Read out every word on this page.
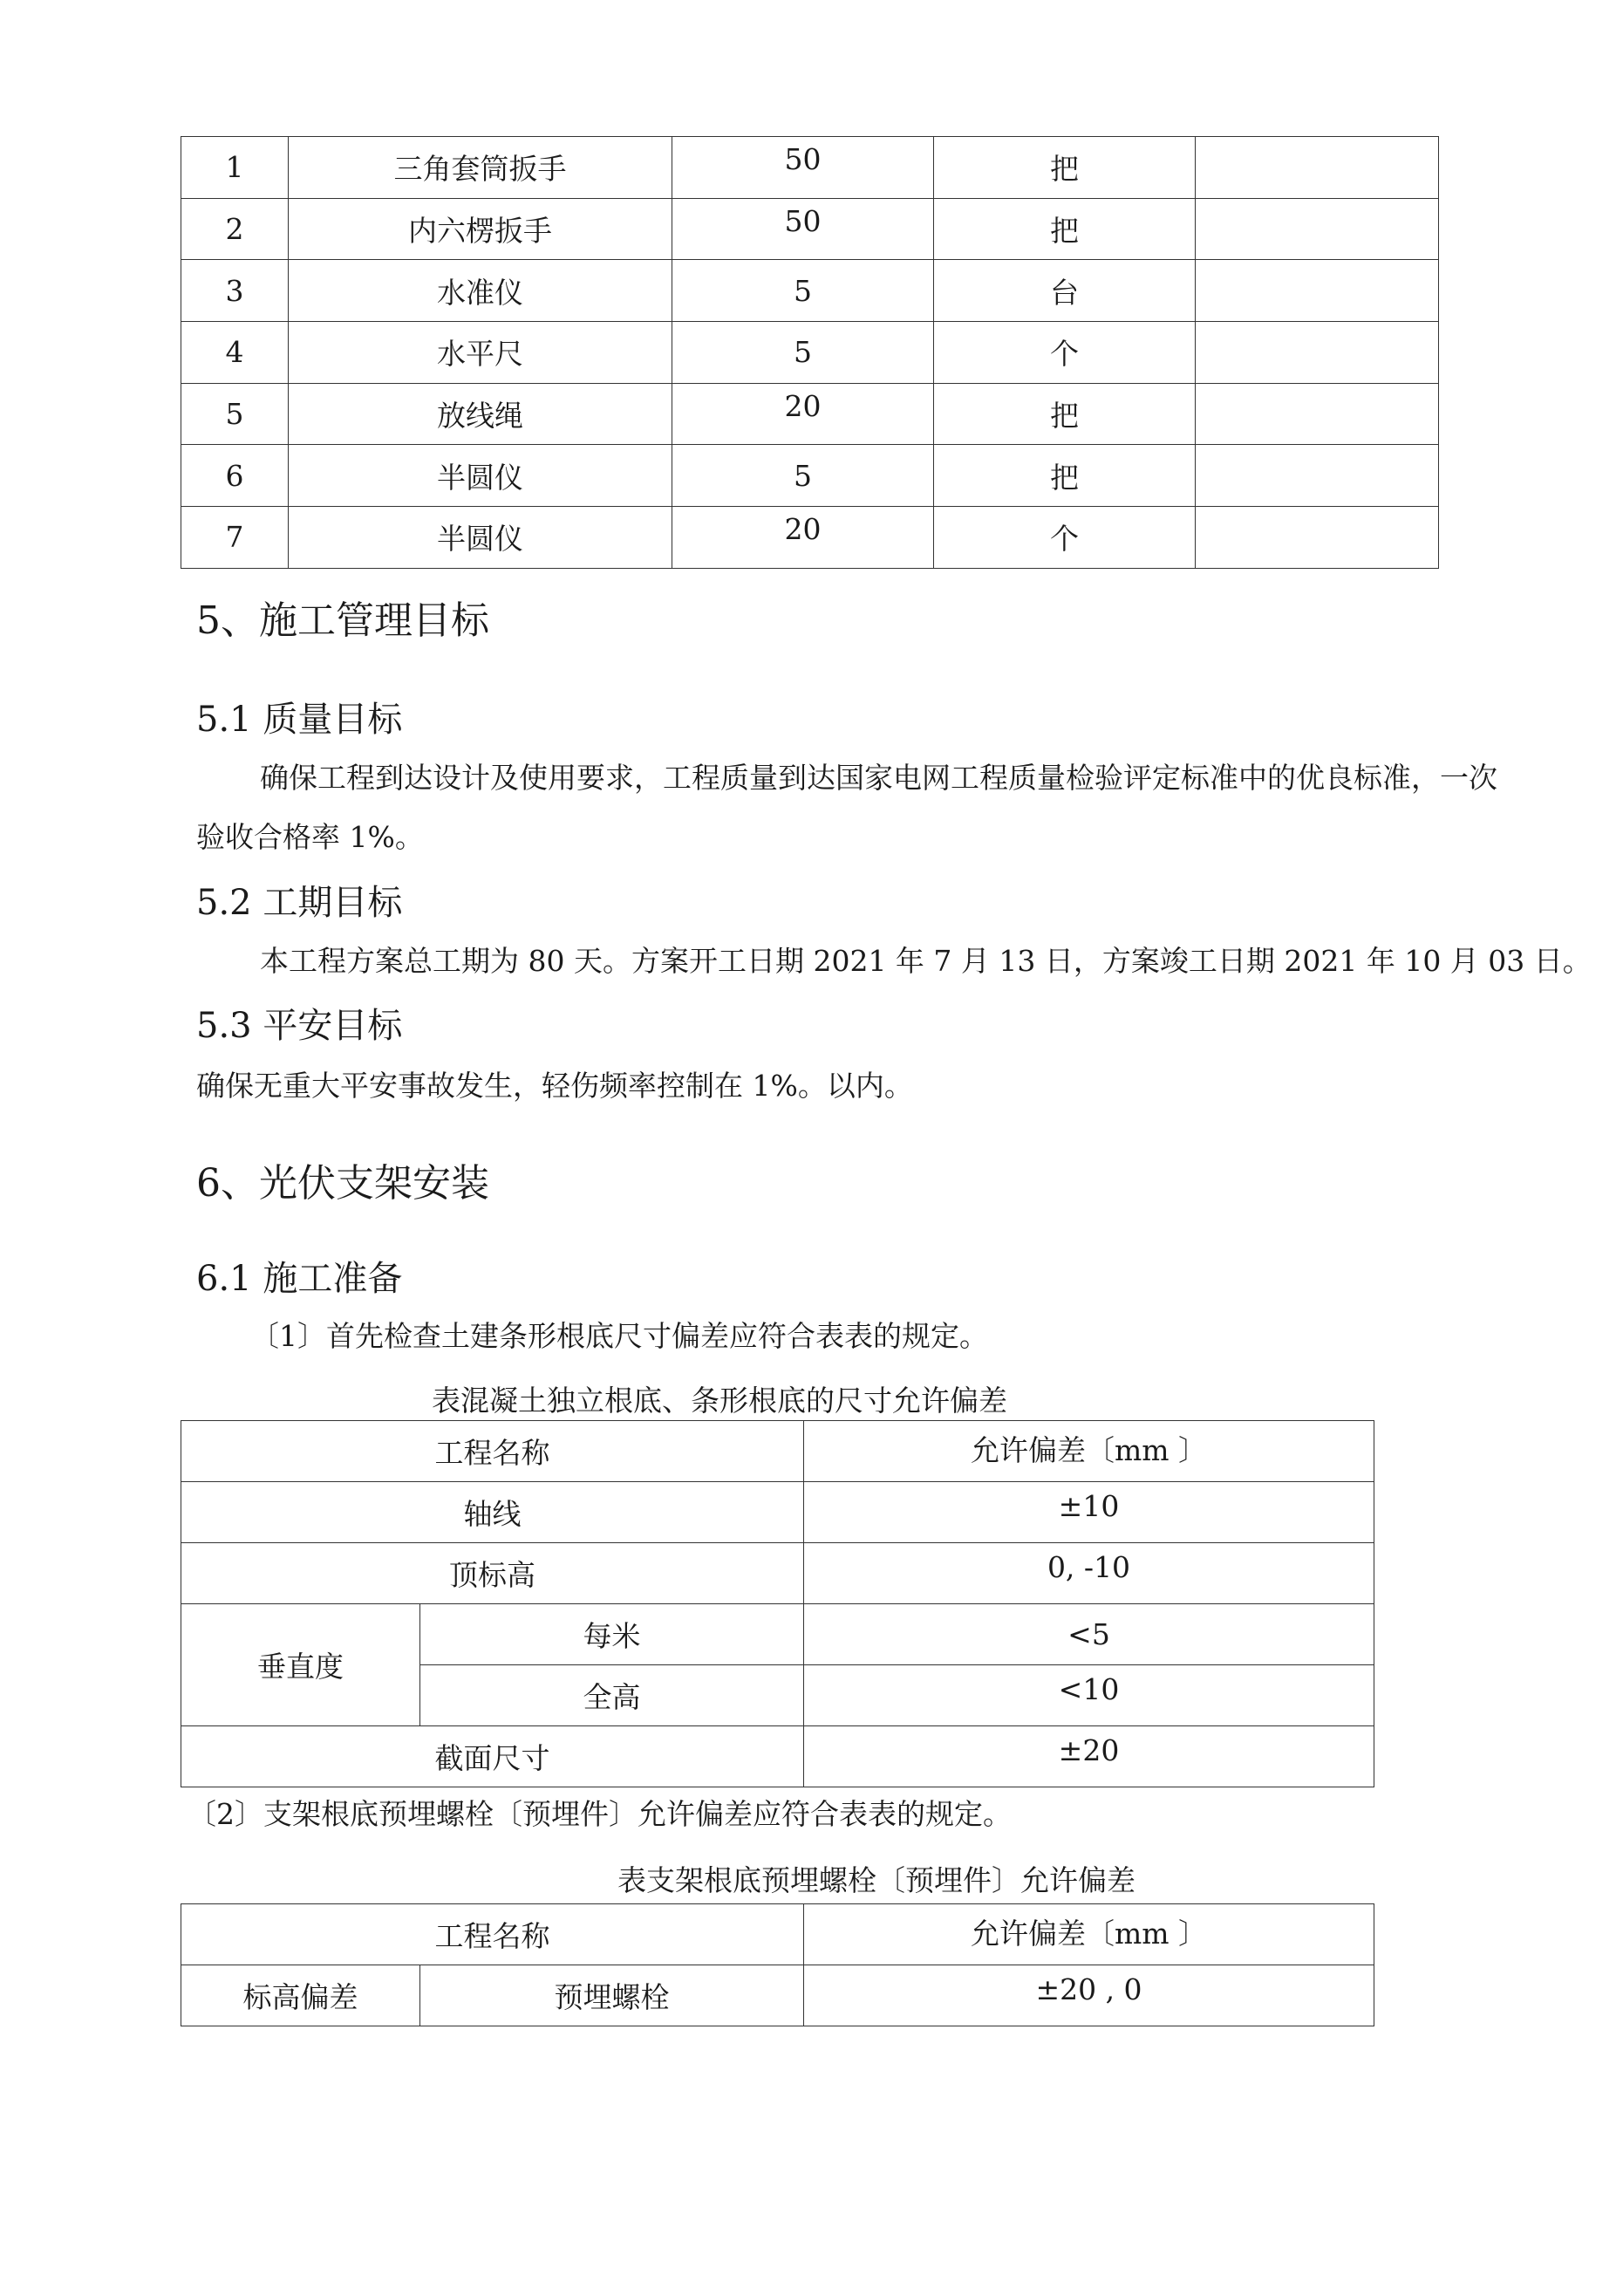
1	三角套筒扳手	50	把	
2	内六楞扳手	50	把	
3	水准仪	5	台	
4	水平尺	5	个	
5	放线绳	20	把	
6	半圆仪	5	把	
7	半圆仪	20	个	
5、施工管理目标
5.1 质量目标
确保工程到达设计及使用要求，工程质量到达国家电网工程质量检验评定标准中的优良标准，一次
验收合格率 1%。
5.2 工期目标
本工程方案总工期为 80 天。方案开工日期 2021 年 7 月 13 日，方案竣工日期 2021 年 10 月 03 日。
5.3 平安目标
确保无重大平安事故发生，轻伤频率控制在 1%。以内。
6、光伏支架安装
6.1 施工准备
〔1〕首先检查土建条形根底尺寸偏差应符合表表的规定。
表混凝土独立根底、条形根底的尺寸允许偏差
工程名称		允许偏差〔mm 〕
轴线		±10
顶标高		0, -10
垂直度	每米	<5
	全高	<10
截面尺寸		±20
〔2〕支架根底预埋螺栓〔预埋件〕允许偏差应符合表表的规定。
表支架根底预埋螺栓〔预埋件〕允许偏差
工程名称		允许偏差〔mm 〕
标高偏差	预埋螺栓	±20 , 0
